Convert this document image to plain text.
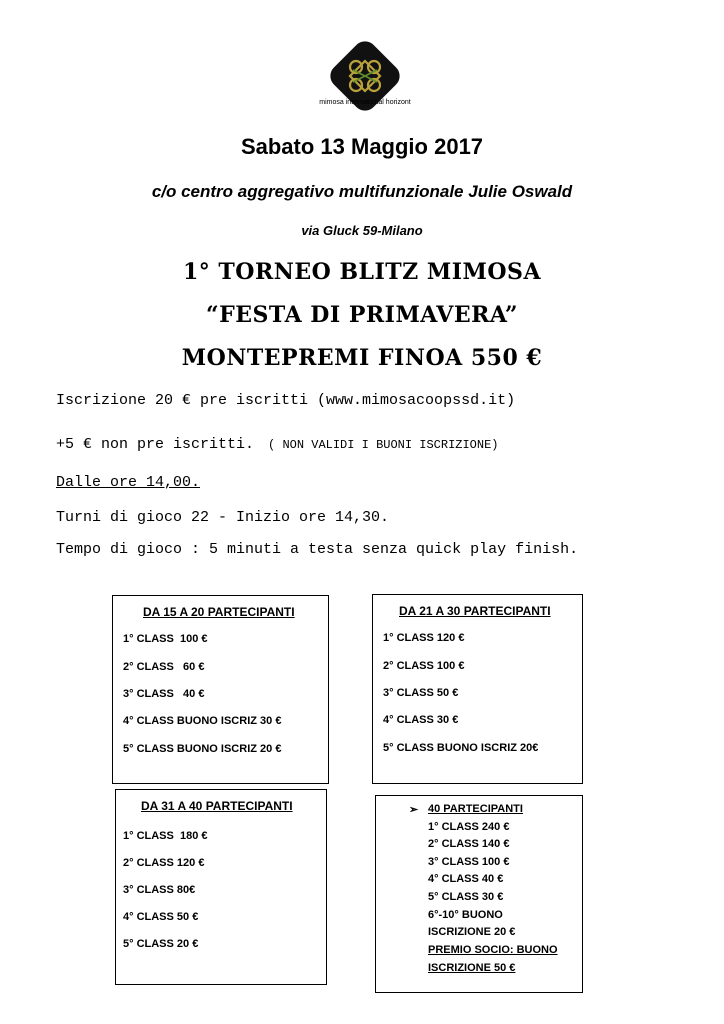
mimosa international horizont
Sabato 13 Maggio 2017
c/o centro aggregativo multifunzionale Julie Oswald
via Gluck 59-Milano
1° TORNEO BLITZ MIMOSA
“FESTA DI PRIMAVERA”
MONTEPREMI FINOA 550 €
Iscrizione 20 € pre iscritti (www.mimosacoopssd.it)
+5 € non pre iscritti. ( NON VALIDI I BUONI ISCRIZIONE)
Dalle ore 14,00.
Turni di gioco 22 - Inizio ore 14,30.
Tempo di gioco : 5 minuti a testa senza quick play finish.
DA 15 A 20 PARTECIPANTI
1° CLASS  100 €
2° CLASS   60 €
3° CLASS   40 €
4° CLASS BUONO ISCRIZ 30 €
5° CLASS BUONO ISCRIZ 20 €
DA 21 A 30 PARTECIPANTI
1° CLASS 120 €
2° CLASS 100 €
3° CLASS 50 €
4° CLASS 30 €
5° CLASS BUONO ISCRIZ 20€
DA 31 A 40 PARTECIPANTI
1° CLASS  180 €
2° CLASS 120 €
3° CLASS 80€
4° CLASS 50 €
5° CLASS 20 €
➢ 40 PARTECIPANTI
1° CLASS 240 €
2° CLASS 140 €
3° CLASS 100 €
4° CLASS 40 €
5° CLASS 30 €
6°-10° BUONO
ISCRIZIONE 20 €
PREMIO SOCIO: BUONO
ISCRIZIONE 50 €
